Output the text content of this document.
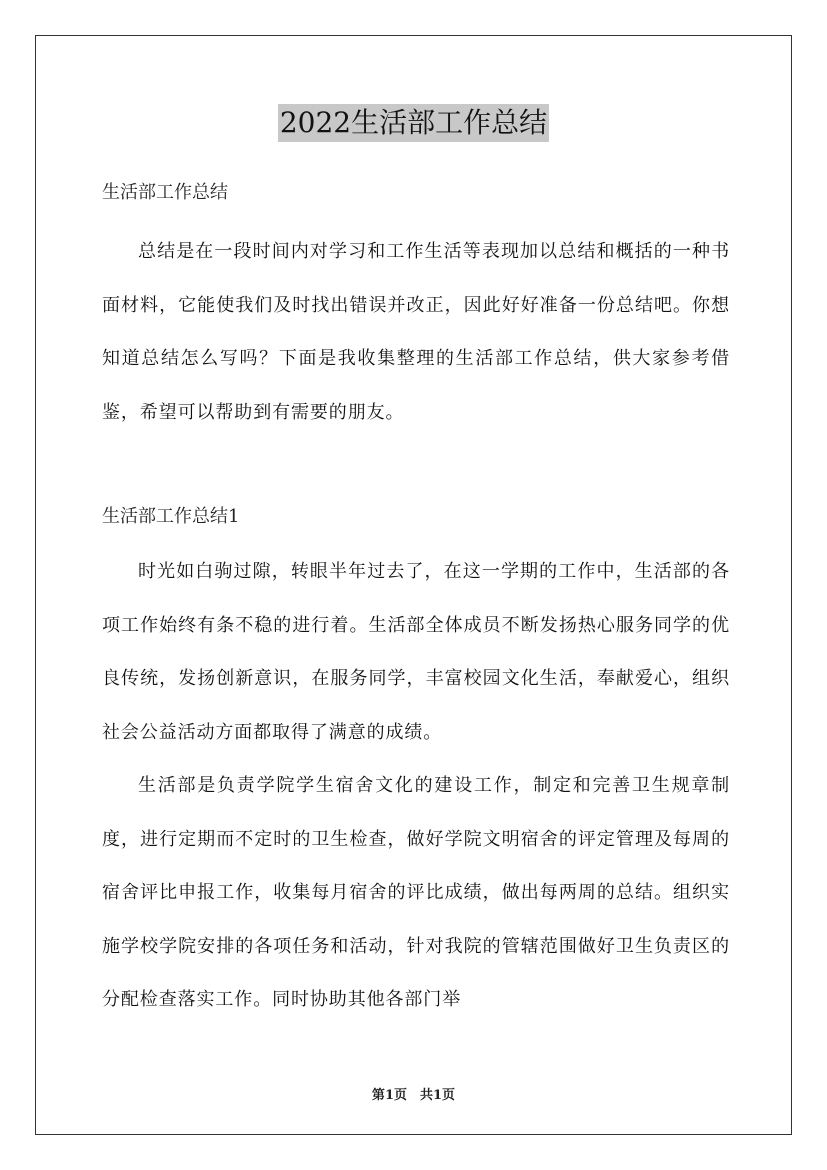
2022生活部工作总结

生活部工作总结

总结是在一段时间内对学习和工作生活等表现加以总结和概括的一种书面材料，它能使我们及时找出错误并改正，因此好好准备一份总结吧。你想知道总结怎么写吗？下面是我收集整理的生活部工作总结，供大家参考借鉴，希望可以帮助到有需要的朋友。

生活部工作总结1

时光如白驹过隙，转眼半年过去了，在这一学期的工作中，生活部的各项工作始终有条不稳的进行着。生活部全体成员不断发扬热心服务同学的优良传统，发扬创新意识，在服务同学，丰富校园文化生活，奉献爱心，组织社会公益活动方面都取得了满意的成绩。

生活部是负责学院学生宿舍文化的建设工作，制定和完善卫生规章制度，进行定期而不定时的卫生检查，做好学院文明宿舍的评定管理及每周的宿舍评比申报工作，收集每月宿舍的评比成绩，做出每两周的总结。组织实施学校学院安排的各项任务和活动，针对我院的管辖范围做好卫生负责区的分配检查落实工作。同时协助其他各部门举

第1页　共1页
